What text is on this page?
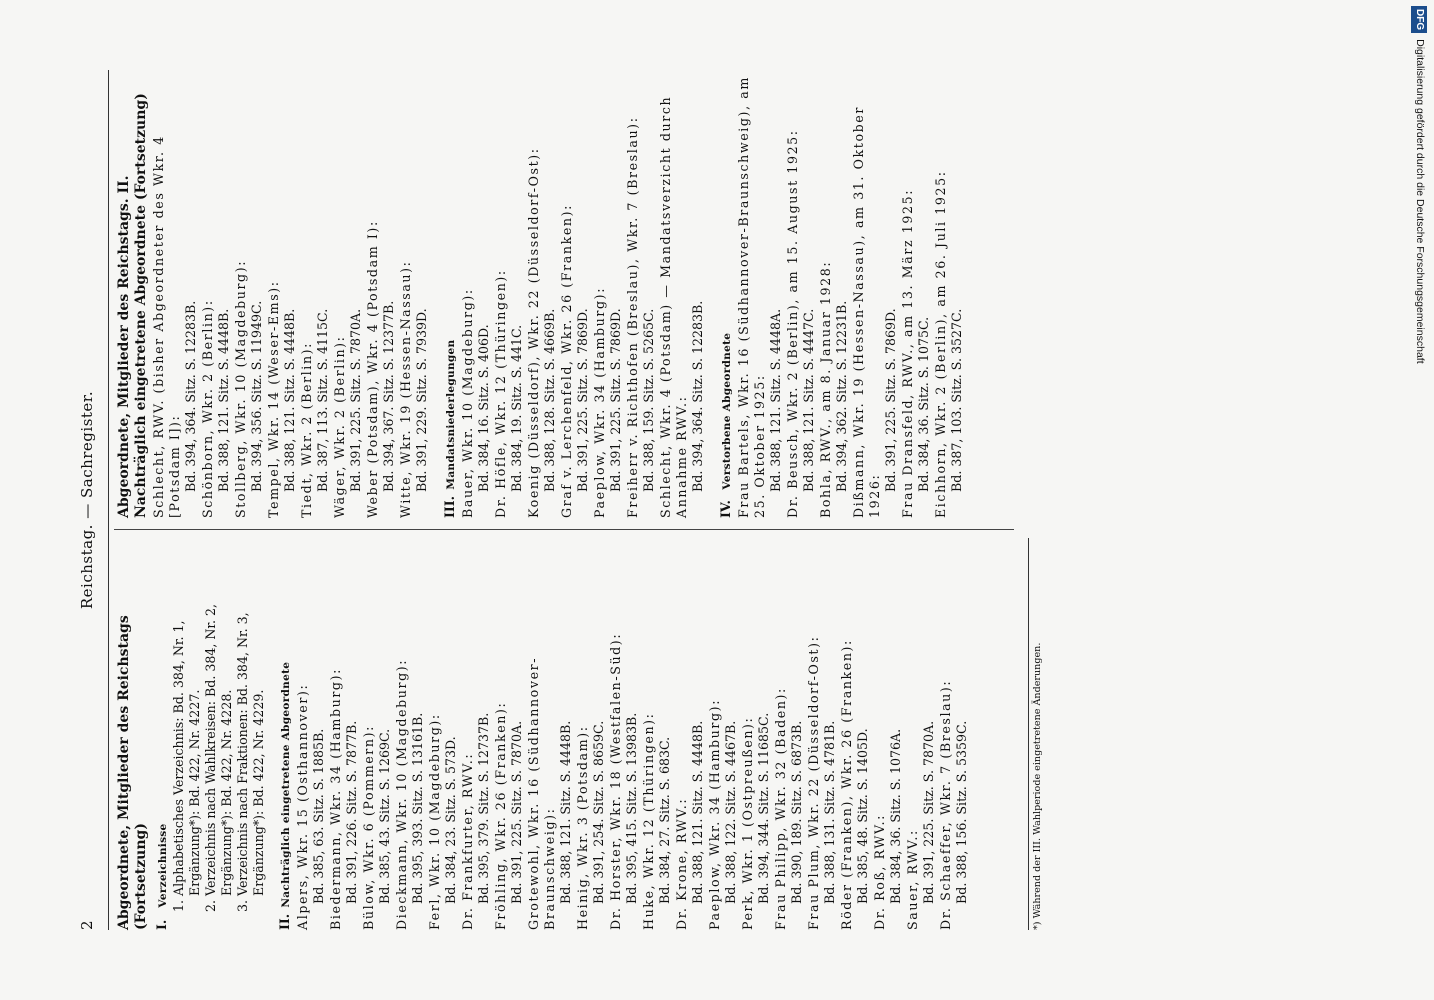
2
Reichstag. — Sachregister.
Abgeordnete, Mitglieder des Reichstags (Fortsetzung) I. Verzeichnisse 1. Alphabetisches Verzeichnis: Bd. 384, Nr. 1, Ergänzung*): Bd. 422, Nr. 4227. 2. Verzeichnis nach Wahlkreisen: Bd. 384, Nr. 2, Ergänzung*): Bd. 422, Nr. 4228. 3. Verzeichnis nach Fraktionen: Bd. 384, Nr. 3, Ergänzung*): Bd. 422, Nr. 4229.
II. Nachträglich eingetretene Abgeordnete Alpers, Wkr. 15 (Osthannover): Bd. 385, 63. Sitz. S. 1885B. Biedermann, Wkr. 34 (Hamburg): Bd. 391, 226. Sitz. S. 7877B. Bülow, Wkr. 6 (Pommern): Bd. 385, 43. Sitz. S. 1269C. Dieckmann, Wkr. 10 (Magdeburg): Bd. 395, 393. Sitz. S. 13161B. Ferl, Wkr. 10 (Magdeburg): Bd. 384, 23. Sitz. S. 573D. Dr. Frankfurter, RWV.: Bd. 395, 379. Sitz. S. 12737B. Fröhling, Wkr. 26 (Franken): Bd. 391, 225. Sitz. S. 7870A. Grotewohl, Wkr. 16 (Südhannover-Braunschweig): Bd. 388, 121. Sitz. S. 4448B. Heinig, Wkr. 3 (Potsdam): Bd. 391, 254. Sitz. S. 8659C. Dr. Horster, Wkr. 18 (Westfalen-Süd): Bd. 395, 415. Sitz. S. 13983B. Huke, Wkr. 12 (Thüringen): Bd. 384, 27. Sitz. S. 683C. Dr. Krone, RWV.: Bd. 388, 121. Sitz. S. 4448B. Paeplow, Wkr. 34 (Hamburg): Bd. 388, 122. Sitz. S. 4467B. Perk, Wkr. 1 (Ostpreußen): Bd. 394, 344. Sitz. S. 11685C. Frau Philipp, Wkr. 32 (Baden): Bd. 390, 189. Sitz. S. 6873B. Frau Plum, Wkr. 22 (Düsseldorf-Ost): Bd. 388, 131. Sitz. S. 4781B. Röder (Franken), Wkr. 26 (Franken): Bd. 385, 48. Sitz. S. 1405D. Dr. Roß, RWV.: Bd. 384, 36. Sitz. S. 1076A. Sauer, RWV.: Bd. 391, 225. Sitz. S. 7870A. Dr. Schaeffer, Wkr. 7 (Breslau): Bd. 388, 156. Sitz. S. 5359C.	*) Während der III. Wahlperiode eingetretene Änderungen.
Abgeordnete, Mitglieder des Reichstags. II. Nachträglich eingetretene Abgeordnete (Fortsetzung) Schlecht, RWV. (bisher Abgeordneter des Wkr. 4 [Potsdam I]): Bd. 394, 364. Sitz. S. 12283B. Schönborn, Wkr. 2 (Berlin): Bd. 388, 121. Sitz. S. 4448B. Stollberg, Wkr. 10 (Magdeburg): Bd. 394, 356. Sitz. S. 11949C. Tempel, Wkr. 14 (Weser-Ems): Bd. 388, 121. Sitz. S. 4448B. Tiedt, Wkr. 2 (Berlin): Bd. 387, 113. Sitz. S. 4115C. Wäger, Wkr. 2 (Berlin): Bd. 391, 225. Sitz. S. 7870A. Weber (Potsdam), Wkr. 4 (Potsdam I): Bd. 394, 367. Sitz. S. 12377B. Witte, Wkr. 19 (Hessen-Nassau): Bd. 391, 229. Sitz. S. 7939D.
III. Mandatsniederlegungen Bauer, Wkr. 10 (Magdeburg): Bd. 384, 16. Sitz. S. 406D. Dr. Höfle, Wkr. 12 (Thüringen): Bd. 384, 19. Sitz. S. 441C. Koenig (Düsseldorf), Wkr. 22 (Düsseldorf-Ost): Bd. 388, 128. Sitz. S. 4669B. Graf v. Lerchenfeld, Wkr. 26 (Franken): Bd. 391, 225. Sitz. S. 7869D. Paeplow, Wkr. 34 (Hamburg): Bd. 391, 225. Sitz. S. 7869D. Freiherr v. Richthofen (Breslau), Wkr. 7 (Breslau): Bd. 388, 159. Sitz. S. 5265C. Schlecht, Wkr. 4 (Potsdam) — Mandatsverzicht durch Annahme RWV.: Bd. 394, 364. Sitz. S. 12283B.
IV. Verstorbene Abgeordnete Frau Bartels, Wkr. 16 (Südhannover-Braunschweig), am 25. Oktober 1925: Bd. 388, 121. Sitz. S. 4448A. Dr. Beusch, Wkr. 2 (Berlin), am 15. August 1925: Bd. 388, 121. Sitz. S. 4447C. Bohla, RWV., am 8. Januar 1928: Bd. 394, 362. Sitz. S. 12231B. Dißmann, Wkr. 19 (Hessen-Nassau), am 31. Oktober 1926:
Bd. 391, 225. Sitz. S. 7869D. Frau Dransfeld, RWV., am 13. März 1925: Bd. 384, 36. Sitz. S. 1075C. Eichhorn, Wkr. 2 (Berlin), am 26. Juli 1925: Bd. 387, 103. Sitz. S. 3527C.
DFGDigitalisierung gefördert durch die Deutsche Forschungsgemeinschaft
